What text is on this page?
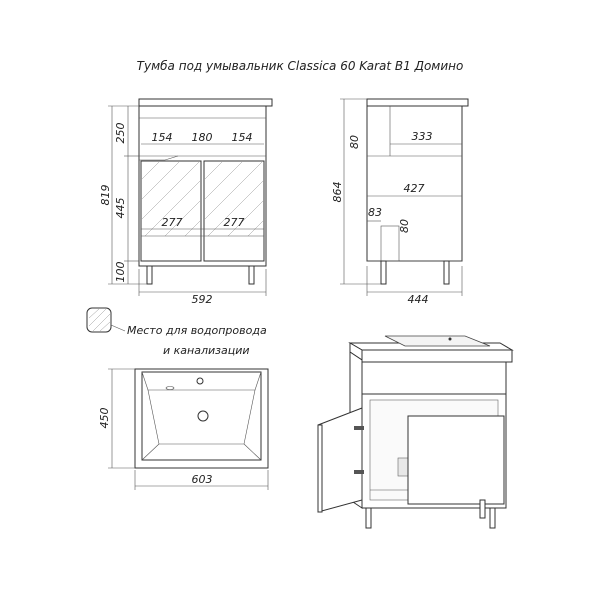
Тумба под умывальник Classica 60 Karat B1 Домино
250
445
100
819
154 180 154
277	277
592
864
80	333
427
83
80
444
Место для водопровода
и канализации
450
603
